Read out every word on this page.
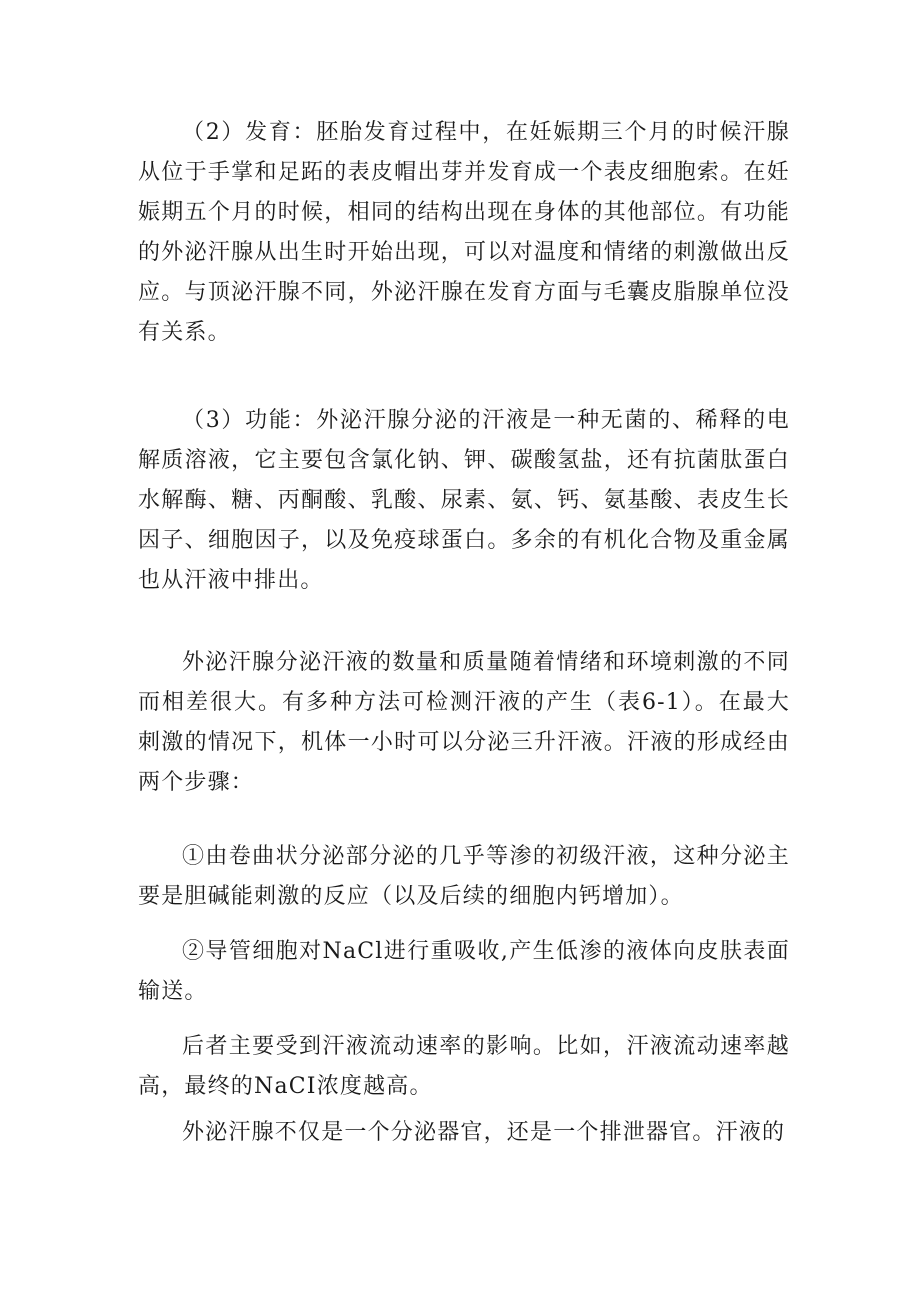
（2）发育：胚胎发育过程中，在妊娠期三个月的时候汗腺从位于手掌和足跖的表皮帽出芽并发育成一个表皮细胞索。在妊娠期五个月的时候，相同的结构出现在身体的其他部位。有功能的外泌汗腺从出生时开始出现，可以对温度和情绪的刺激做出反应。与顶泌汗腺不同，外泌汗腺在发育方面与毛囊皮脂腺单位没有关系。

（3）功能：外泌汗腺分泌的汗液是一种无菌的、稀释的电解质溶液，它主要包含氯化钠、钾、碳酸氢盐，还有抗菌肽蛋白水解酶、糖、丙酮酸、乳酸、尿素、氨、钙、氨基酸、表皮生长因子、细胞因子，以及免疫球蛋白。多余的有机化合物及重金属也从汗液中排出。

外泌汗腺分泌汗液的数量和质量随着情绪和环境刺激的不同而相差很大。有多种方法可检测汗液的产生（表6-1）。在最大刺激的情况下，机体一小时可以分泌三升汗液。汗液的形成经由两个步骤：

①由卷曲状分泌部分泌的几乎等渗的初级汗液，这种分泌主要是胆碱能刺激的反应（以及后续的细胞内钙增加）。

②导管细胞对NaCl进行重吸收,产生低渗的液体向皮肤表面输送。

后者主要受到汗液流动速率的影响。比如，汗液流动速率越高，最终的NaCI浓度越高。

外泌汗腺不仅是一个分泌器官，还是一个排泄器官。汗液的
